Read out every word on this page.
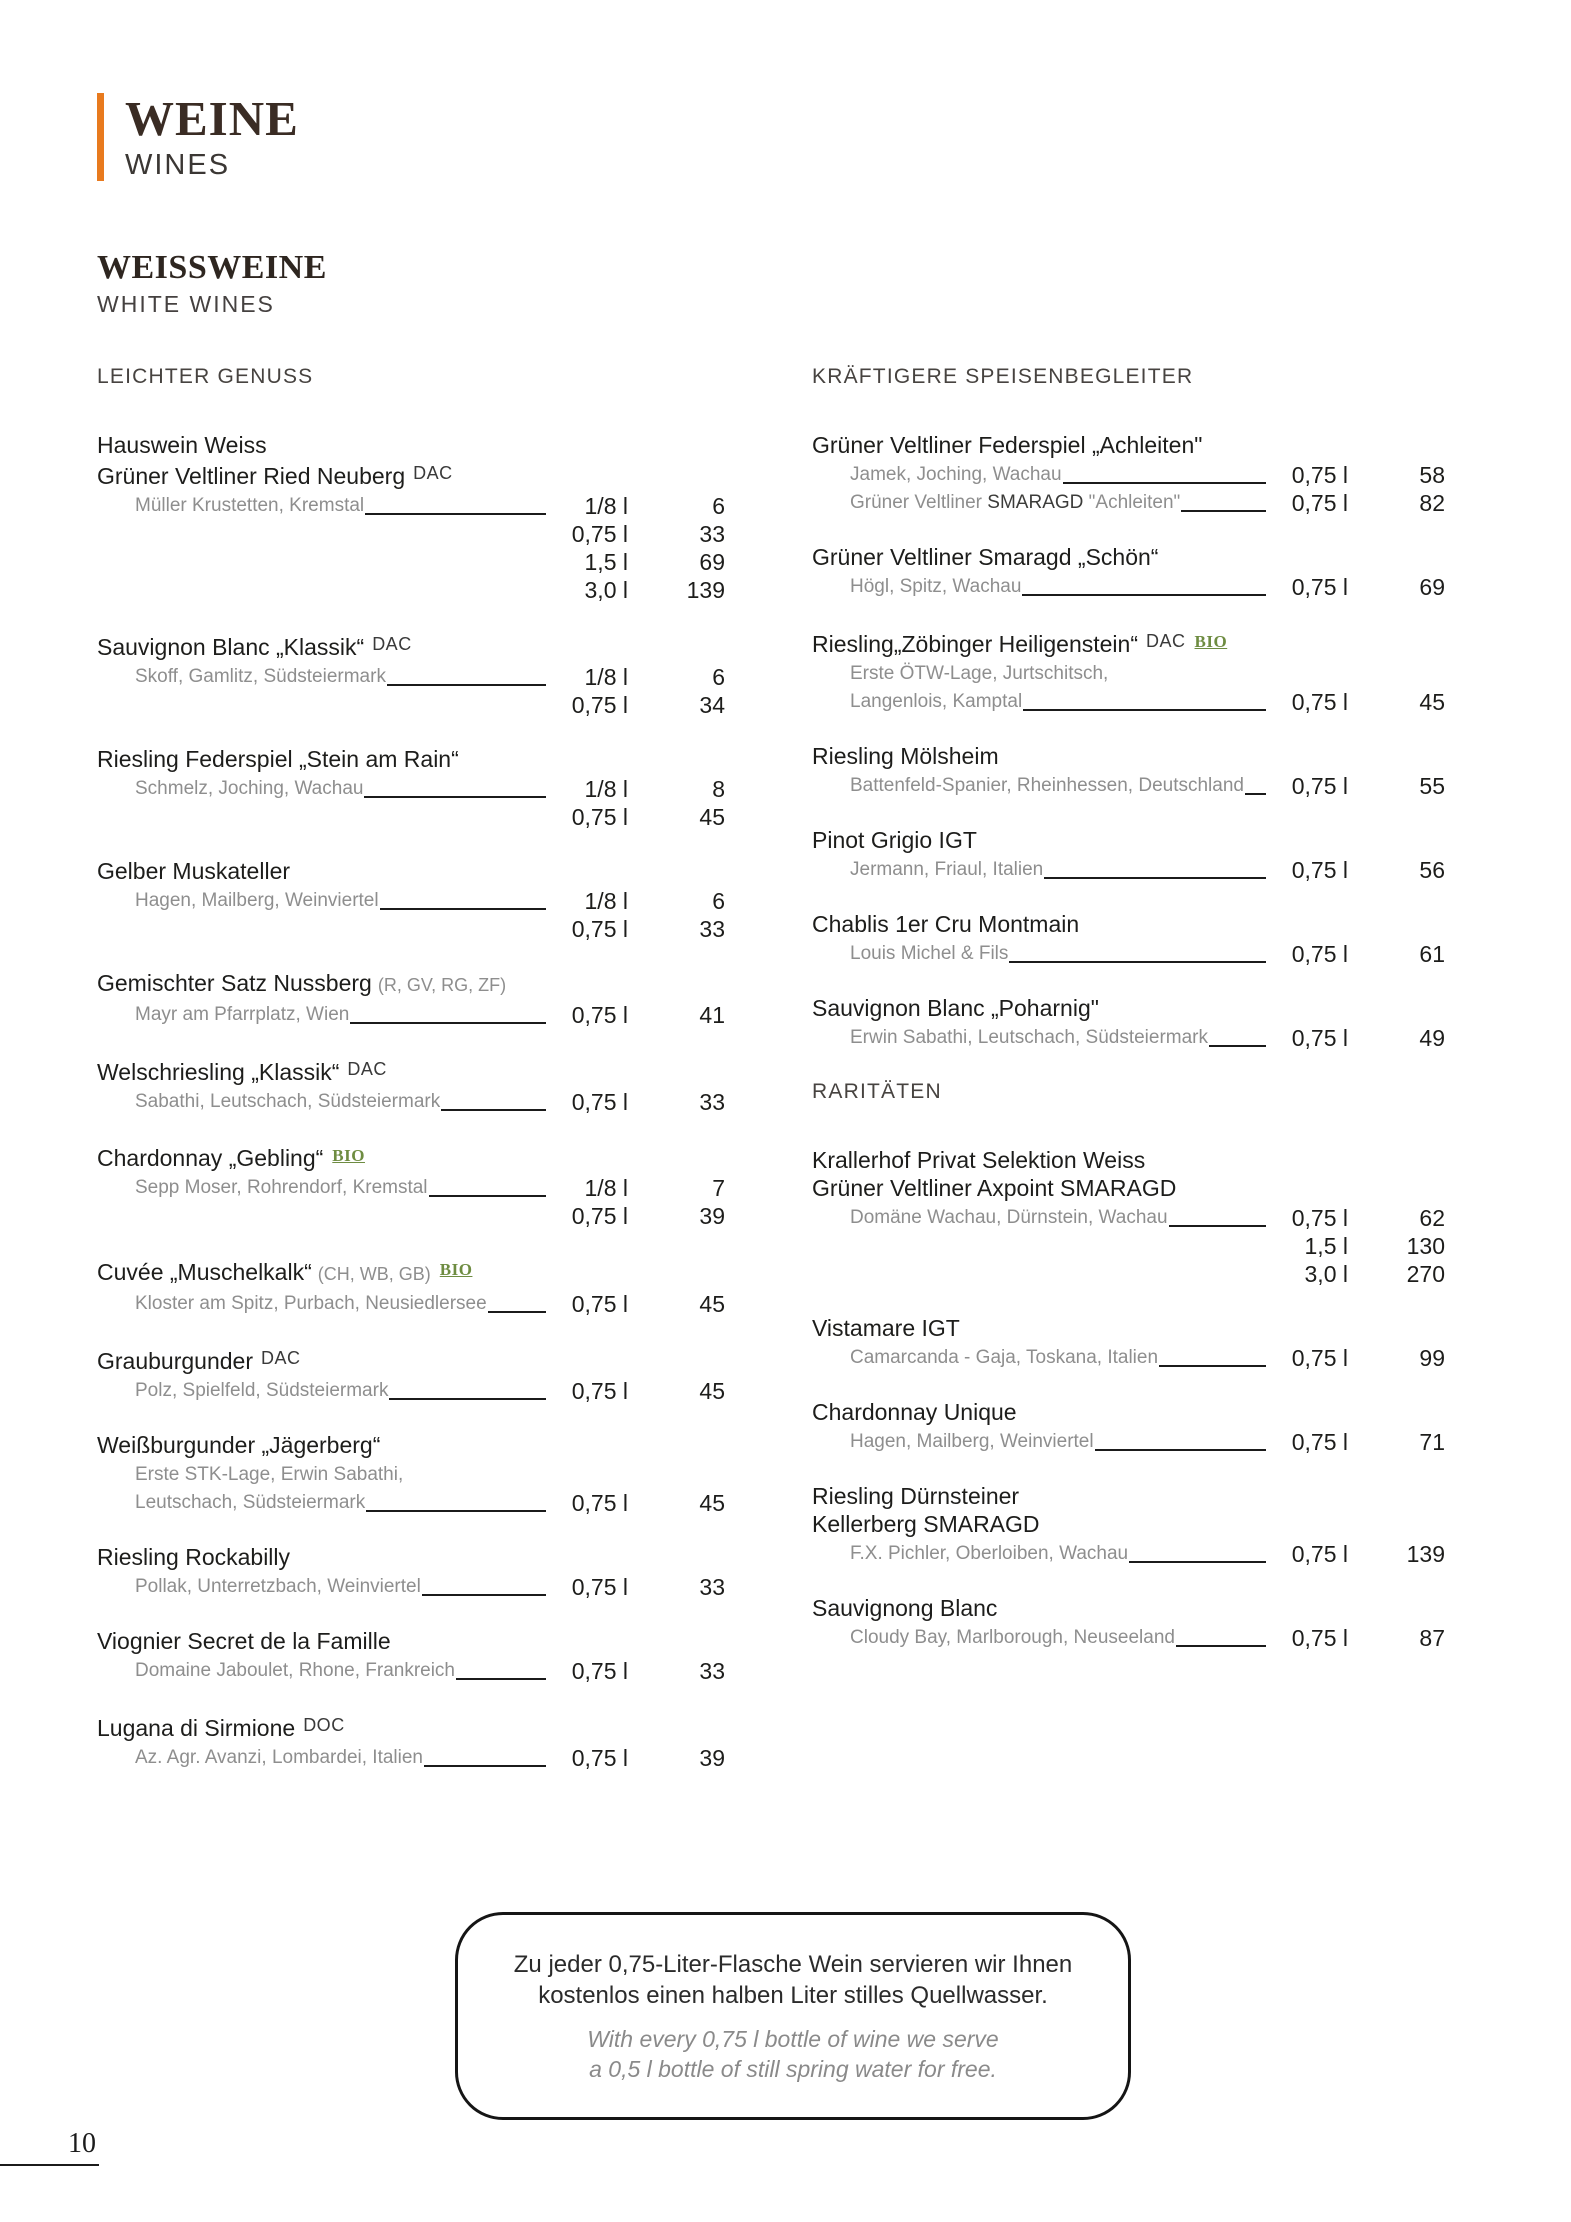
WEINE
WINES
WEISSWEINE
WHITE WINES
LEICHTER GENUSS
Hauswein Weiss
Grüner Veltliner Ried Neuberg $^{DAC}$
Müller Krustetten, Kremstal	1/8 l	6
0,75 l	33
1,5 l	69
3,0 l	139
Sauvignon Blanc „Klassik“ $^{DAC}$
Skoff, Gamlitz, Südsteiermark	1/8 l	6
0,75 l	34
Riesling Federspiel „Stein am Rain“
Schmelz, Joching, Wachau	1/8 l	8
0,75 l	45
Gelber Muskateller
Hagen, Mailberg, Weinviertel	1/8 l	6
0,75 l	33
Gemischter Satz Nussberg (R, GV, RG, ZF)
Mayr am Pfarrplatz, Wien	0,75 l	41
Welschriesling „Klassik“ $^{DAC}$
Sabathi, Leutschach, Südsteiermark	0,75 l	33
Chardonnay „Gebling“ $^{BIO}$
Sepp Moser, Rohrendorf, Kremstal	1/8 l	7
0,75 l	39
Cuvée „Muschelkalk“ (CH, WB, GB) $^{BIO}$
Kloster am Spitz, Purbach, Neusiedlersee	0,75 l	45
Grauburgunder $^{DAC}$
Polz, Spielfeld, Südsteiermark	0,75 l	45
Weißburgunder „Jägerberg“
Erste STK-Lage, Erwin Sabathi,
Leutschach, Südsteiermark	0,75 l	45
Riesling Rockabilly
Pollak, Unterretzbach, Weinviertel	0,75 l	33
Viognier Secret de la Famille
Domaine Jaboulet, Rhone, Frankreich	0,75 l	33
Lugana di Sirmione $^{DOC}$
Az. Agr. Avanzi, Lombardei, Italien	0,75 l	39
KRÄFTIGERE SPEISENBEGLEITER
Grüner Veltliner Federspiel „Achleiten"
Jamek, Joching, Wachau	0,75 l	58
Grüner Veltliner SMARAGD "Achleiten"	0,75 l	82
Grüner Veltliner Smaragd „Schön“
Högl, Spitz, Wachau	0,75 l	69
Riesling„Zöbinger Heiligenstein“ $^{DAC}$ $^{BIO}$
Erste ÖTW-Lage, Jurtschitsch,
Langenlois, Kamptal	0,75 l	45
Riesling Mölsheim
Battenfeld-Spanier, Rheinhessen, Deutschland	0,75 l	55
Pinot Grigio IGT
Jermann, Friaul, Italien	0,75 l	56
Chablis 1er Cru Montmain
Louis Michel & Fils	0,75 l	61
Sauvignon Blanc „Poharnig"
Erwin Sabathi, Leutschach, Südsteiermark	0,75 l	49
RARITÄTEN
Krallerhof Privat Selektion Weiss
Grüner Veltliner Axpoint SMARAGD
Domäne Wachau, Dürnstein, Wachau	0,75 l	62
1,5 l	130
3,0 l	270
Vistamare IGT
Camarcanda - Gaja, Toskana, Italien	0,75 l	99
Chardonnay Unique
Hagen, Mailberg, Weinviertel	0,75 l	71
Riesling Dürnsteiner
Kellerberg SMARAGD
F.X. Pichler, Oberloiben, Wachau	0,75 l	139
Sauvignong Blanc
Cloudy Bay, Marlborough, Neuseeland	0,75 l	87
Zu jeder 0,75-Liter-Flasche Wein servieren wir Ihnen
kostenlos einen halben Liter stilles Quellwasser.
With every 0,75 l bottle of wine we serve
a 0,5 l bottle of still spring water for free.
10
